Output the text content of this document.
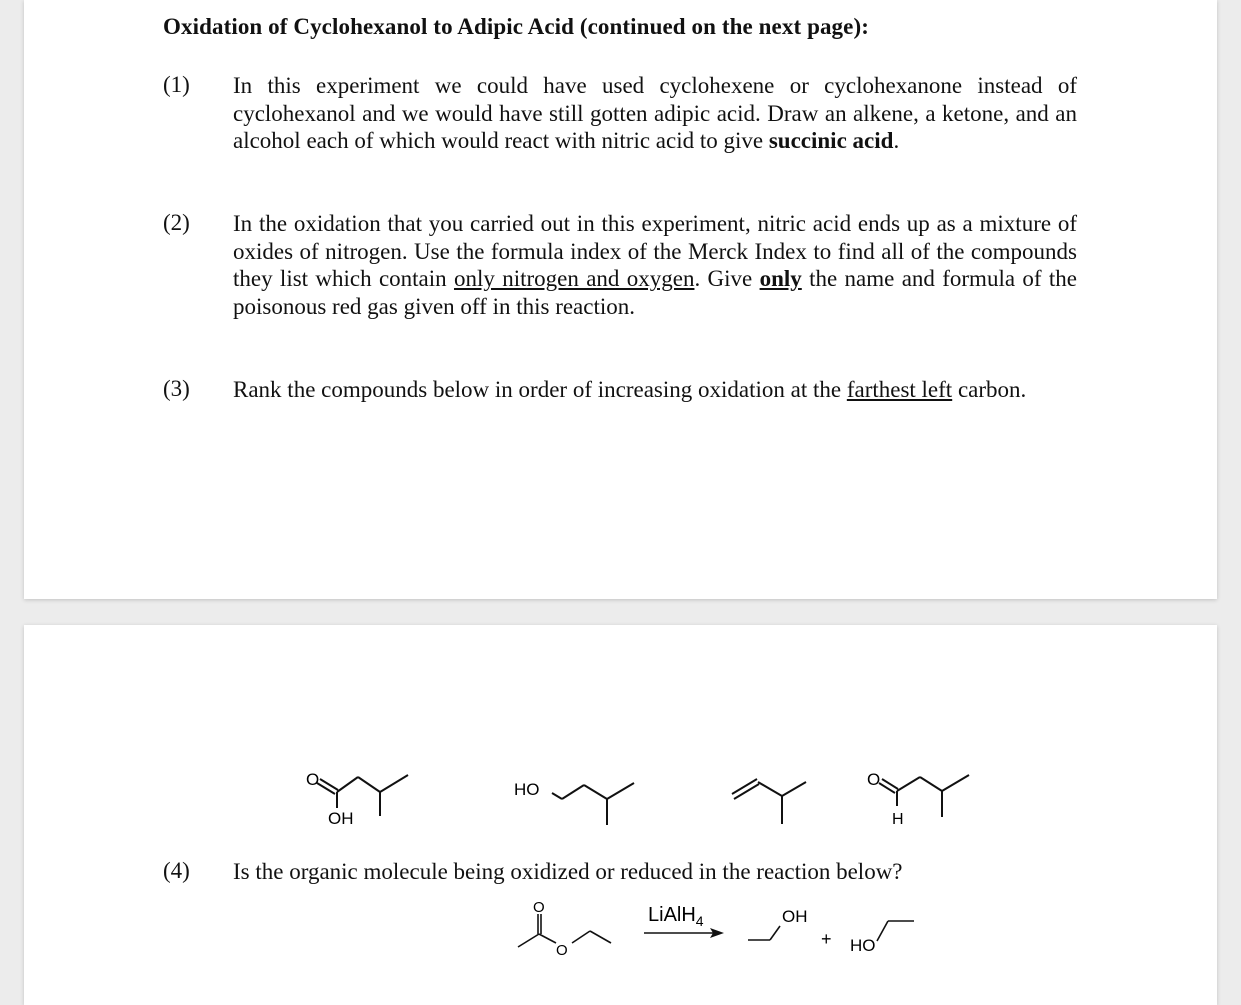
Oxidation of Cyclohexanol to Adipic Acid (continued on the next page):
(1) In this experiment we could have used cyclohexene or cyclohexanone instead of cyclohexanol and we would have still gotten adipic acid. Draw an alkene, a ketone, and an alcohol each of which would react with nitric acid to give succinic acid.
(2) In the oxidation that you carried out in this experiment, nitric acid ends up as a mixture of oxides of nitrogen. Use the formula index of the Merck Index to find all of the compounds they list which contain only nitrogen and oxygen. Give only the name and formula of the poisonous red gas given off in this reaction.
(3) Rank the compounds below in order of increasing oxidation at the farthest left carbon.
O
OH
HO
O
H
O
O
LiAlH$_4$	OH
+ HO
(4) Is the organic molecule being oxidized or reduced in the reaction below?
